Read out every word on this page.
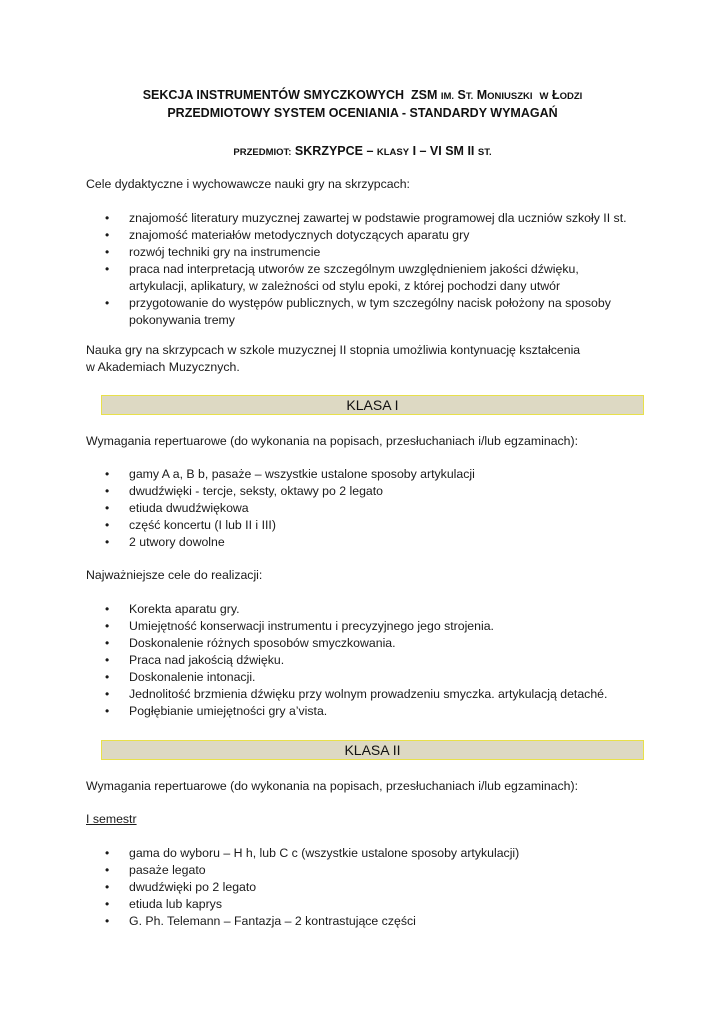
SEKCJA INSTRUMENTÓW SMYCZKOWYCH  ZSM IM. ST. MONIUSZKI W ŁODZI
PRZEDMIOTOWY SYSTEM OCENIANIA - STANDARDY WYMAGAŃ
PRZEDMIOT: SKRZYPCE – KLASY I – VI SM II ST.
Cele dydaktyczne i wychowawcze nauki gry na skrzypcach:
• znajomość literatury muzycznej zawartej w podstawie programowej dla uczniów szkoły II st.
• znajomość materiałów metodycznych dotyczących aparatu gry
• rozwój techniki gry na instrumencie
• praca nad interpretacją utworów ze szczególnym uwzględnieniem jakości dźwięku,
artykulacji, aplikatury, w zależności od stylu epoki, z której pochodzi dany utwór
• przygotowanie do występów publicznych, w tym szczególny nacisk położony na sposoby
pokonywania tremy
Nauka gry na skrzypcach w szkole muzycznej II stopnia umożliwia kontynuację kształcenia
w Akademiach Muzycznych.
KLASA I
Wymagania repertuarowe (do wykonania na popisach, przesłuchaniach i/lub egzaminach):
• gamy A a, B b, pasaże – wszystkie ustalone sposoby artykulacji
• dwudźwięki - tercje, seksty, oktawy po 2 legato
• etiuda dwudźwiękowa
• część koncertu (I lub II i III)
• 2 utwory dowolne
Najważniejsze cele do realizacji:
• Korekta aparatu gry.
• Umiejętność konserwacji instrumentu i precyzyjnego jego strojenia.
• Doskonalenie różnych sposobów smyczkowania.
• Praca nad jakością dźwięku.
• Doskonalenie intonacji.
• Jednolitość brzmienia dźwięku przy wolnym prowadzeniu smyczka. artykulacją detaché.
• Pogłębianie umiejętności gry a’vista.
KLASA II
Wymagania repertuarowe (do wykonania na popisach, przesłuchaniach i/lub egzaminach):
I semestr
• gama do wyboru – H h, lub C c (wszystkie ustalone sposoby artykulacji)
• pasaże legato
• dwudźwięki po 2 legato
• etiuda lub kaprys
• G. Ph. Telemann – Fantazja – 2 kontrastujące części
